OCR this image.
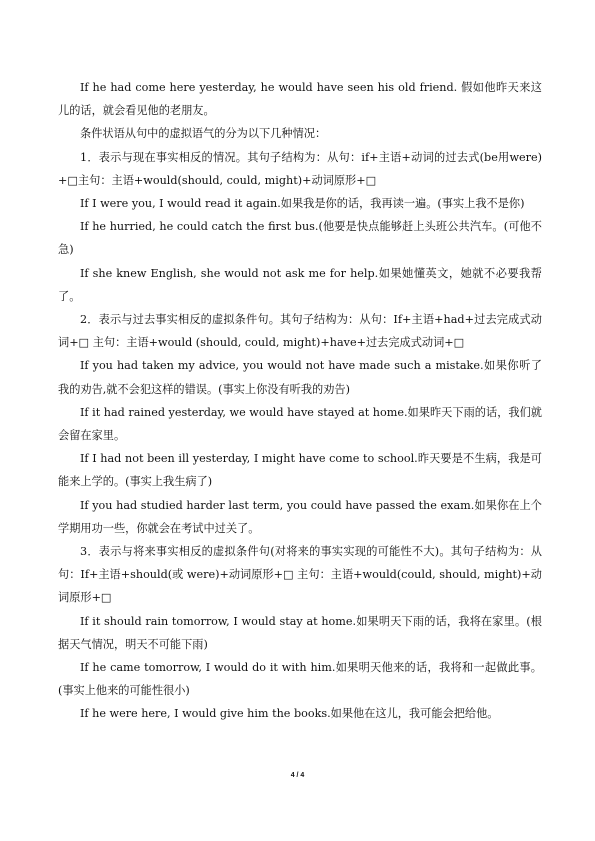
If he had come here yesterday, he would have seen his old friend. 假如他昨天来这儿的话，就会看见他的老朋友。

条件状语从句中的虚拟语气的分为以下几种情况：

1．表示与现在事实相反的情况。其句子结构为：从句：if+主语+动词的过去式(be用were)+□主句：主语+would(should, could, might)+动词原形+□

If I were you, I would read it again.如果我是你的话，我再读一遍。(事实上我不是你)

If he hurried, he could catch the first bus.(他要是快点能够赶上头班公共汽车。(可他不急)

If she knew English, she would not ask me for help.如果她懂英文，她就不必要我帮了。

2．表示与过去事实相反的虚拟条件句。其句子结构为：从句：If+主语+had+过去完成式动词+□ 主句：主语+would (should, could, might)+have+过去完成式动词+□

If you had taken my advice, you would not have made such a mistake.如果你听了我的劝告,就不会犯这样的错误。(事实上你没有听我的劝告)

If it had rained yesterday, we would have stayed at home.如果昨天下雨的话，我们就会留在家里。

If I had not been ill yesterday, I might have come to school.昨天要是不生病，我是可能来上学的。(事实上我生病了)

If you had studied harder last term, you could have passed the exam.如果你在上个学期用功一些，你就会在考试中过关了。

3．表示与将来事实相反的虚拟条件句(对将来的事实实现的可能性不大)。其句子结构为：从句：If+主语+should(或 were)+动词原形+□ 主句：主语+would(could, should, might)+动词原形+□

If it should rain tomorrow, I would stay at home.如果明天下雨的话，我将在家里。(根据天气情况，明天不可能下雨)

If he came tomorrow, I would do it with him.如果明天他来的话，我将和一起做此事。(事实上他来的可能性很小)

If he were here, I would give him the books.如果他在这儿，我可能会把给他。

4 / 4
